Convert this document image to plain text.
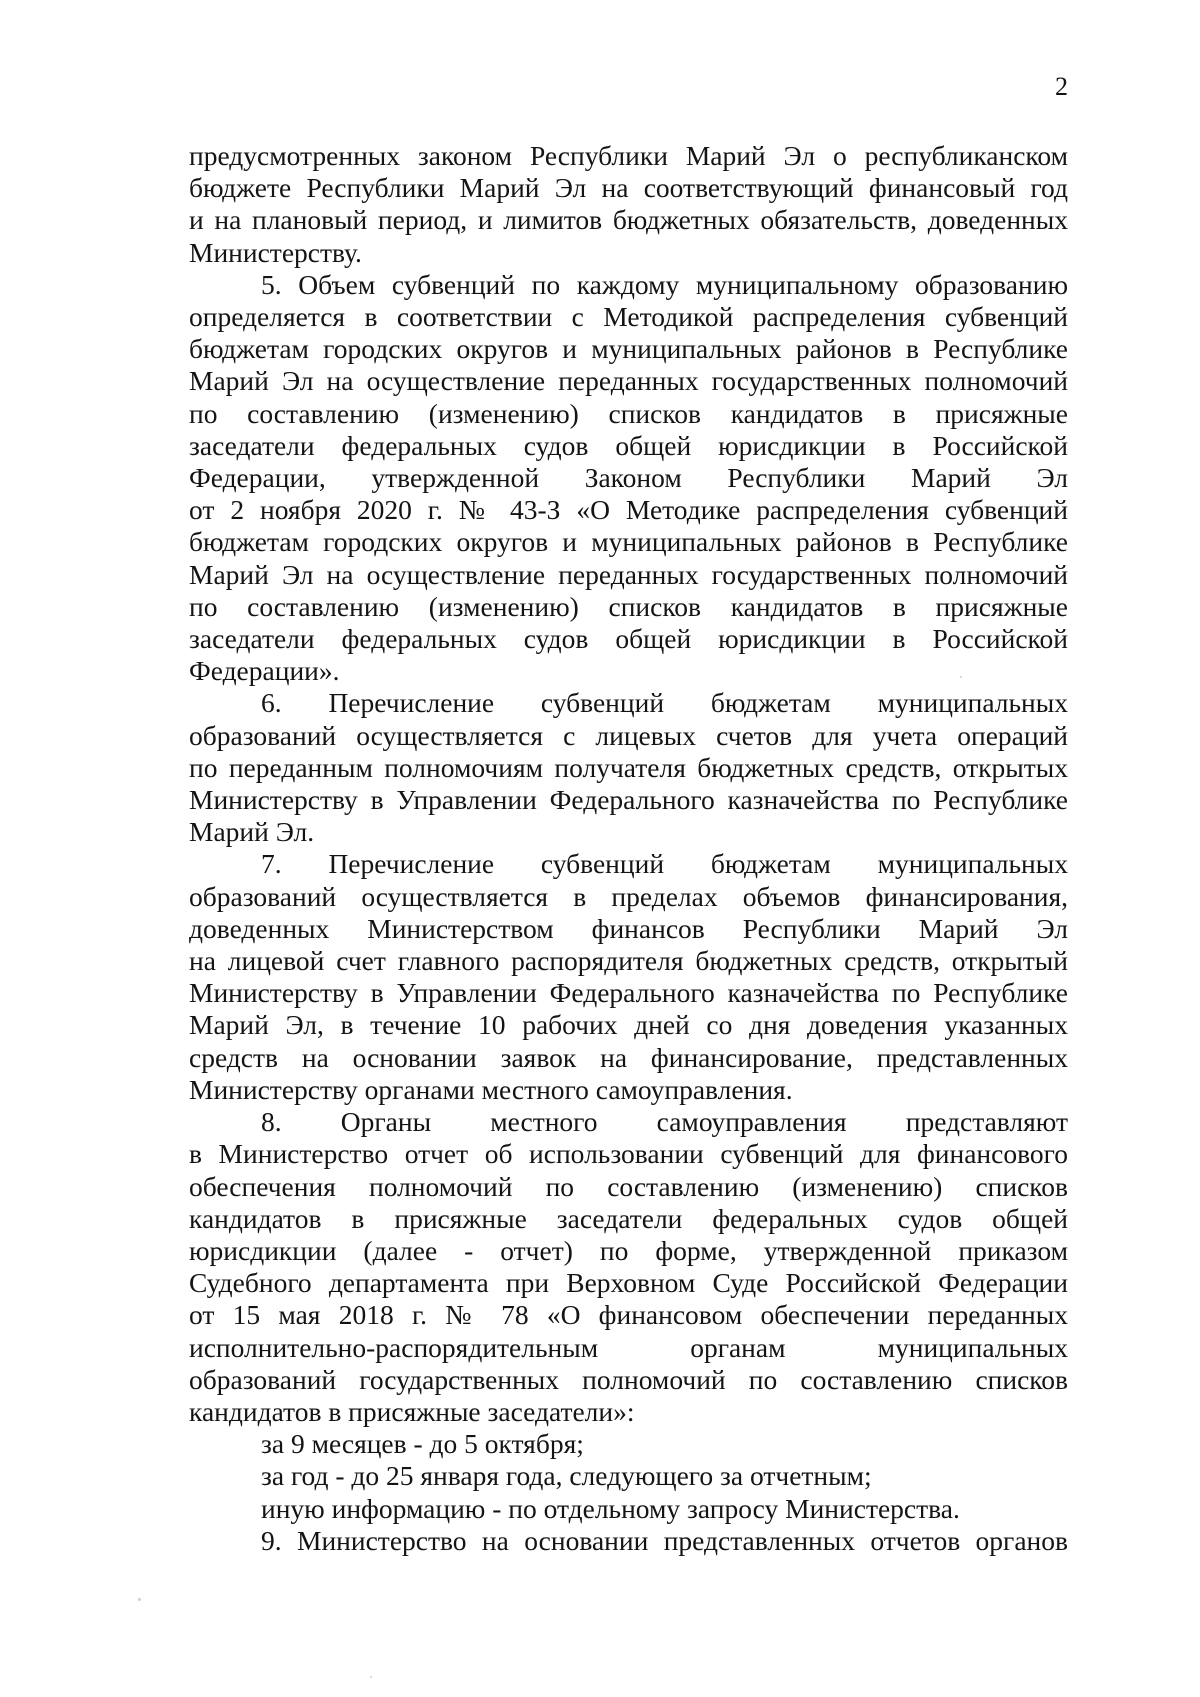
2
предусмотренных законом Республики Марий Эл о республиканском
бюджете Республики Марий Эл на соответствующий финансовый год
и на плановый период, и лимитов бюджетных обязательств, доведенных
Министерству.
5. Объем субвенций по каждому муниципальному образованию
определяется в соответствии с Методикой распределения субвенций
бюджетам городских округов и муниципальных районов в Республике
Марий Эл на осуществление переданных государственных полномочий
по составлению (изменению) списков кандидатов в присяжные
заседатели федеральных судов общей юрисдикции в Российской
Федерации, утвержденной Законом Республики Марий Эл
от 2 ноября 2020 г. № 43-З «О Методике распределения субвенций
бюджетам городских округов и муниципальных районов в Республике
Марий Эл на осуществление переданных государственных полномочий
по составлению (изменению) списков кандидатов в присяжные
заседатели федеральных судов общей юрисдикции в Российской
Федерации».
6. Перечисление субвенций бюджетам муниципальных
образований осуществляется с лицевых счетов для учета операций
по переданным полномочиям получателя бюджетных средств, открытых
Министерству в Управлении Федерального казначейства по Республике
Марий Эл.
7. Перечисление субвенций бюджетам муниципальных
образований осуществляется в пределах объемов финансирования,
доведенных Министерством финансов Республики Марий Эл
на лицевой счет главного распорядителя бюджетных средств, открытый
Министерству в Управлении Федерального казначейства по Республике
Марий Эл, в течение 10 рабочих дней со дня доведения указанных
средств на основании заявок на финансирование, представленных
Министерству органами местного самоуправления.
8. Органы местного самоуправления представляют
в Министерство отчет об использовании субвенций для финансового
обеспечения полномочий по составлению (изменению) списков
кандидатов в присяжные заседатели федеральных судов общей
юрисдикции (далее - отчет) по форме, утвержденной приказом
Судебного департамента при Верховном Суде Российской Федерации
от 15 мая 2018 г. № 78 «О финансовом обеспечении переданных
исполнительно-распорядительным органам муниципальных
образований государственных полномочий по составлению списков
кандидатов в присяжные заседатели»:
за 9 месяцев - до 5 октября;
за год - до 25 января года, следующего за отчетным;
иную информацию - по отдельному запросу Министерства.
9. Министерство на основании представленных отчетов органов
